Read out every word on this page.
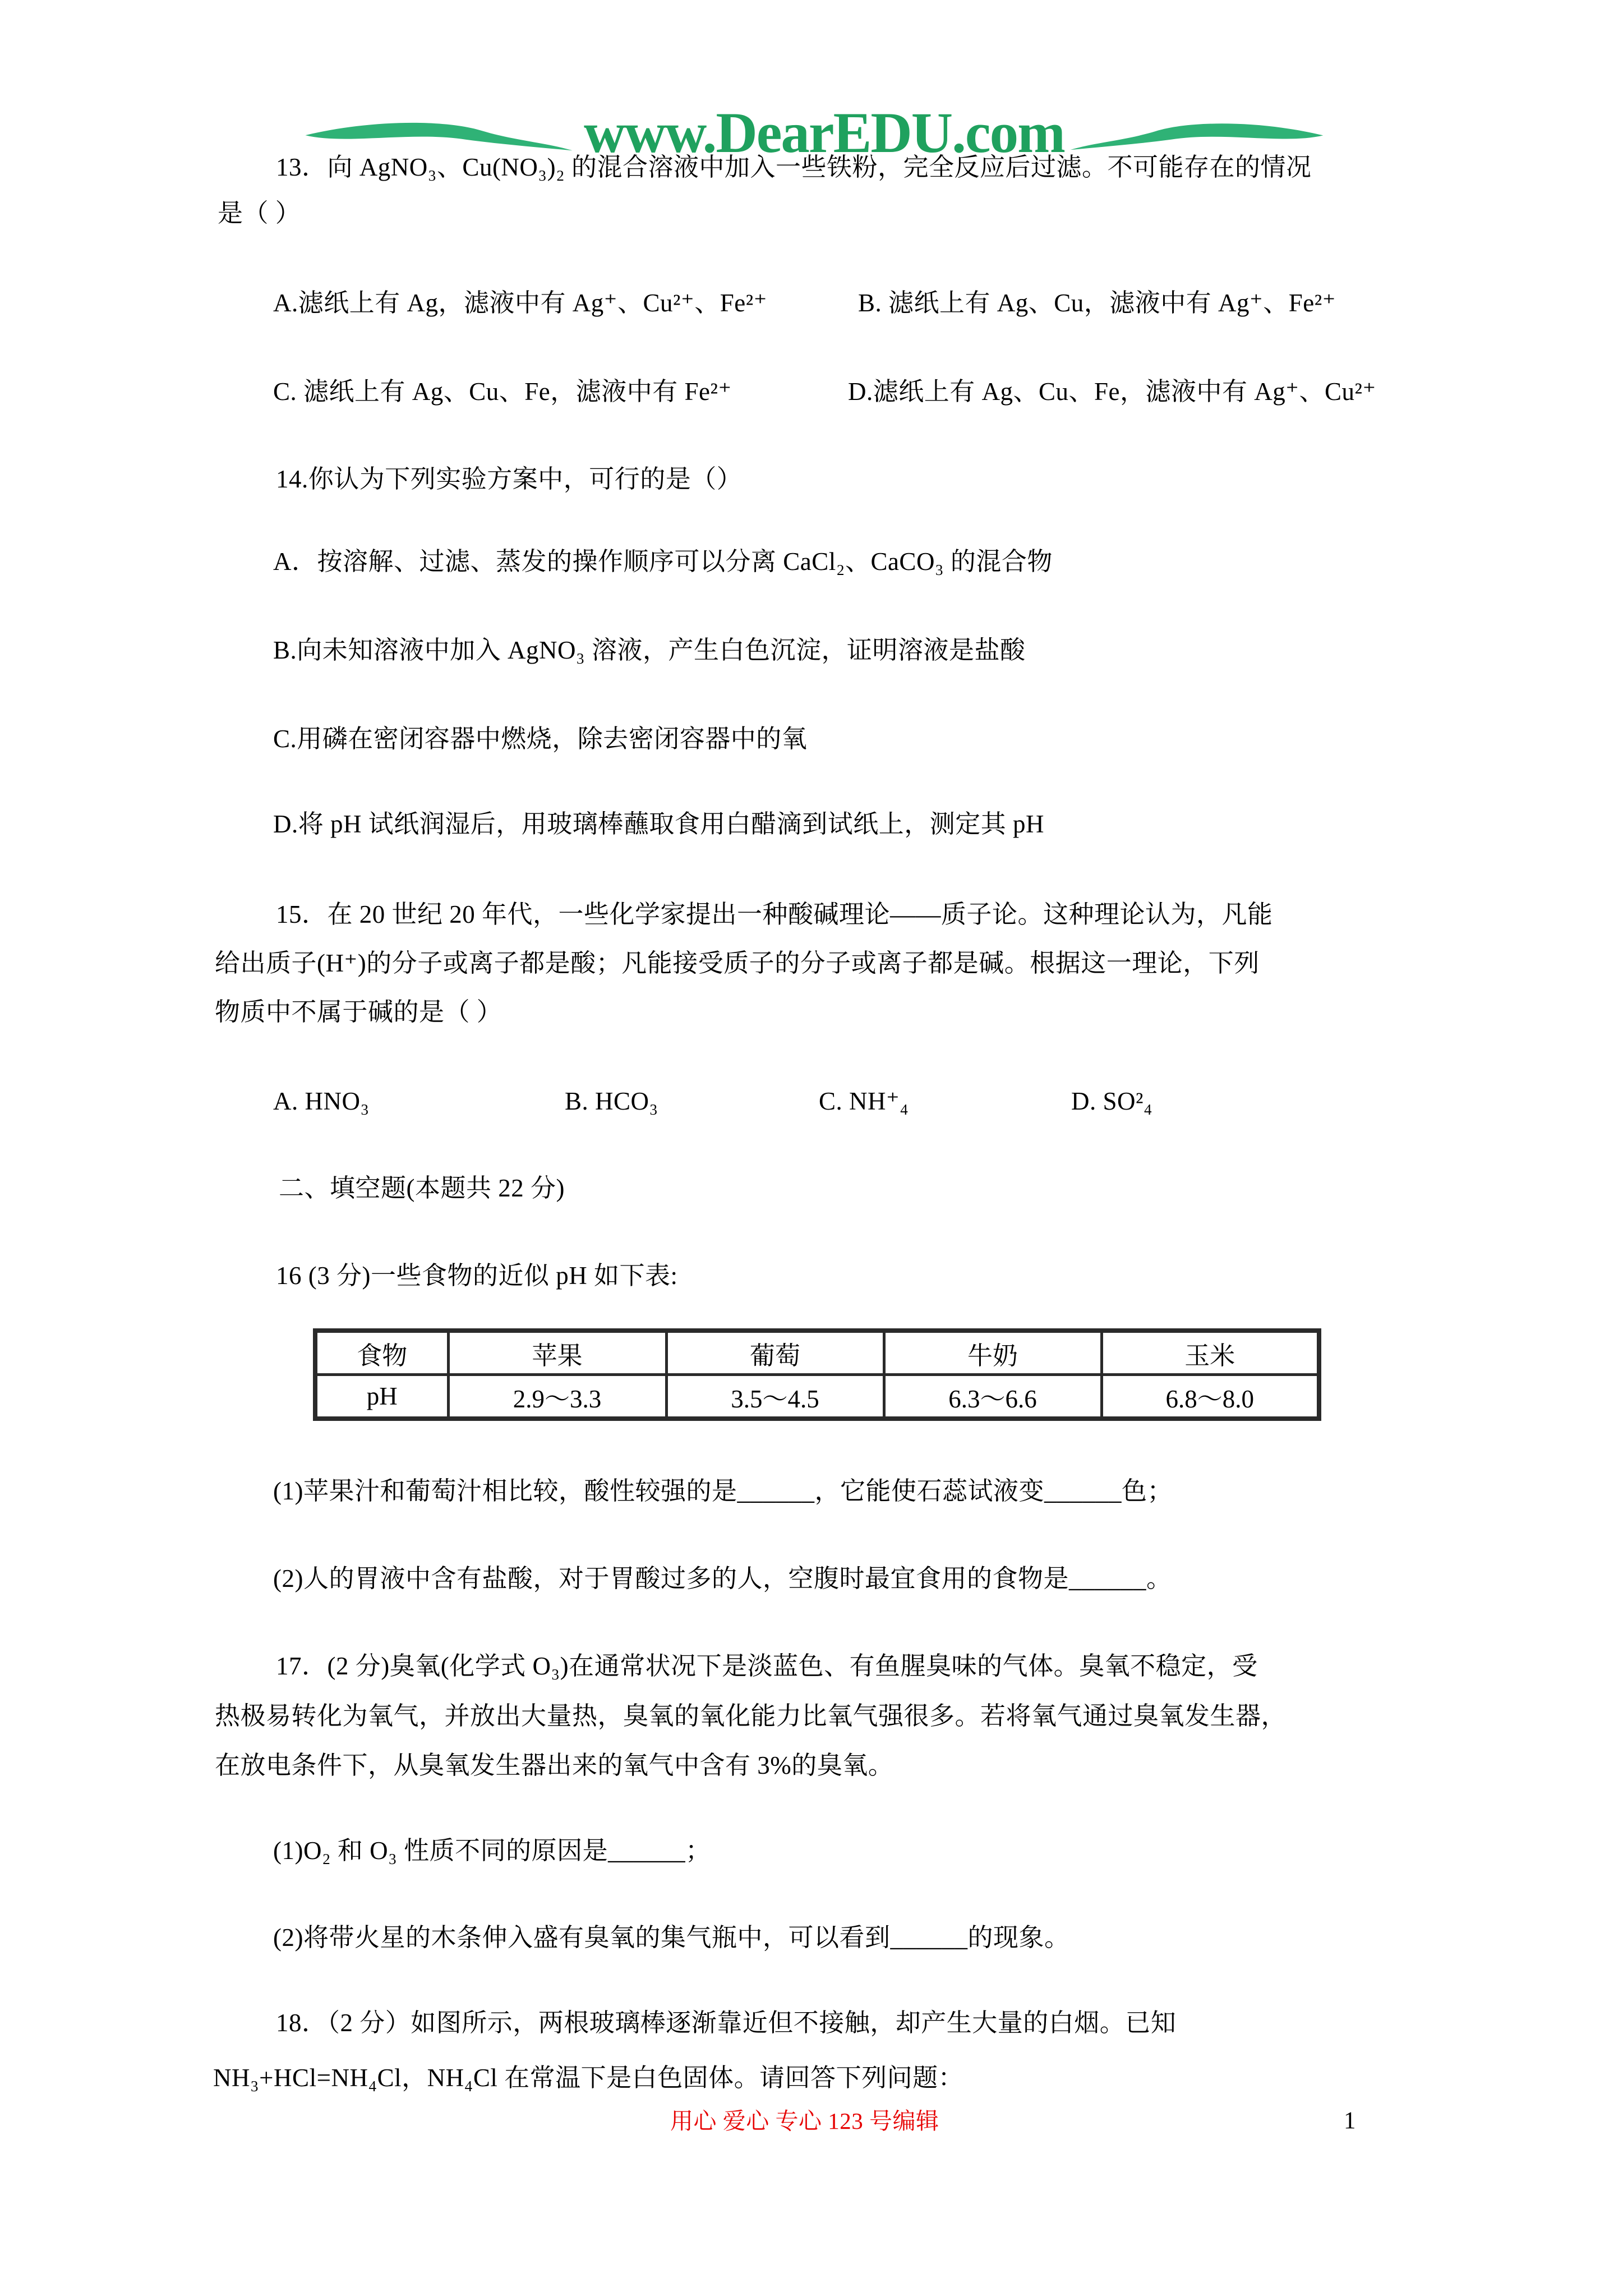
www.DearEDU.com
13．向 AgNO₃、Cu(NO₃)₂ 的混合溶液中加入一些铁粉，完全反应后过滤。不可能存在的情况
是（ ）
A.滤纸上有 Ag，滤液中有 Ag⁺、Cu²⁺、Fe²⁺	B. 滤纸上有 Ag、Cu，滤液中有 Ag⁺、Fe²⁺
C. 滤纸上有 Ag、Cu、Fe，滤液中有 Fe²⁺	D.滤纸上有 Ag、Cu、Fe，滤液中有 Ag⁺、Cu²⁺
14.你认为下列实验方案中，可行的是（）
A．按溶解、过滤、蒸发的操作顺序可以分离 CaCl₂、CaCO₃ 的混合物
B.向未知溶液中加入 AgNO₃ 溶液，产生白色沉淀，证明溶液是盐酸
C.用磷在密闭容器中燃烧，除去密闭容器中的氧
D.将 pH 试纸润湿后，用玻璃棒蘸取食用白醋滴到试纸上，测定其 pH
15．在 20 世纪 20 年代，一些化学家提出一种酸碱理论——质子论。这种理论认为，凡能
给出质子(H⁺)的分子或离子都是酸；凡能接受质子的分子或离子都是碱。根据这一理论，下列
物质中不属于碱的是（ ）
A. HNO₃	B. HCO₃	C. NH⁺₄	D. SO²₄
二、填空题(本题共 22 分)
16 (3 分)一些食物的近似 pH 如下表:
食物	苹果	葡萄	牛奶	玉米
pH	2.9～3.3	3.5～4.5	6.3～6.6	6.8～8.0
(1)苹果汁和葡萄汁相比较，酸性较强的是______，它能使石蕊试液变______色；
(2)人的胃液中含有盐酸，对于胃酸过多的人，空腹时最宜食用的食物是______。
17．(2 分)臭氧(化学式 O₃)在通常状况下是淡蓝色、有鱼腥臭味的气体。臭氧不稳定，受
热极易转化为氧气，并放出大量热，臭氧的氧化能力比氧气强很多。若将氧气通过臭氧发生器，
在放电条件下，从臭氧发生器出来的氧气中含有 3%的臭氧。
(1)O₂ 和 O₃ 性质不同的原因是______；
(2)将带火星的木条伸入盛有臭氧的集气瓶中，可以看到______的现象。
18．（2 分）如图所示，两根玻璃棒逐渐靠近但不接触，却产生大量的白烟。已知
NH₃+HCl=NH₄Cl，NH₄Cl 在常温下是白色固体。请回答下列问题：
用心 爱心 专心 123 号编辑	1
